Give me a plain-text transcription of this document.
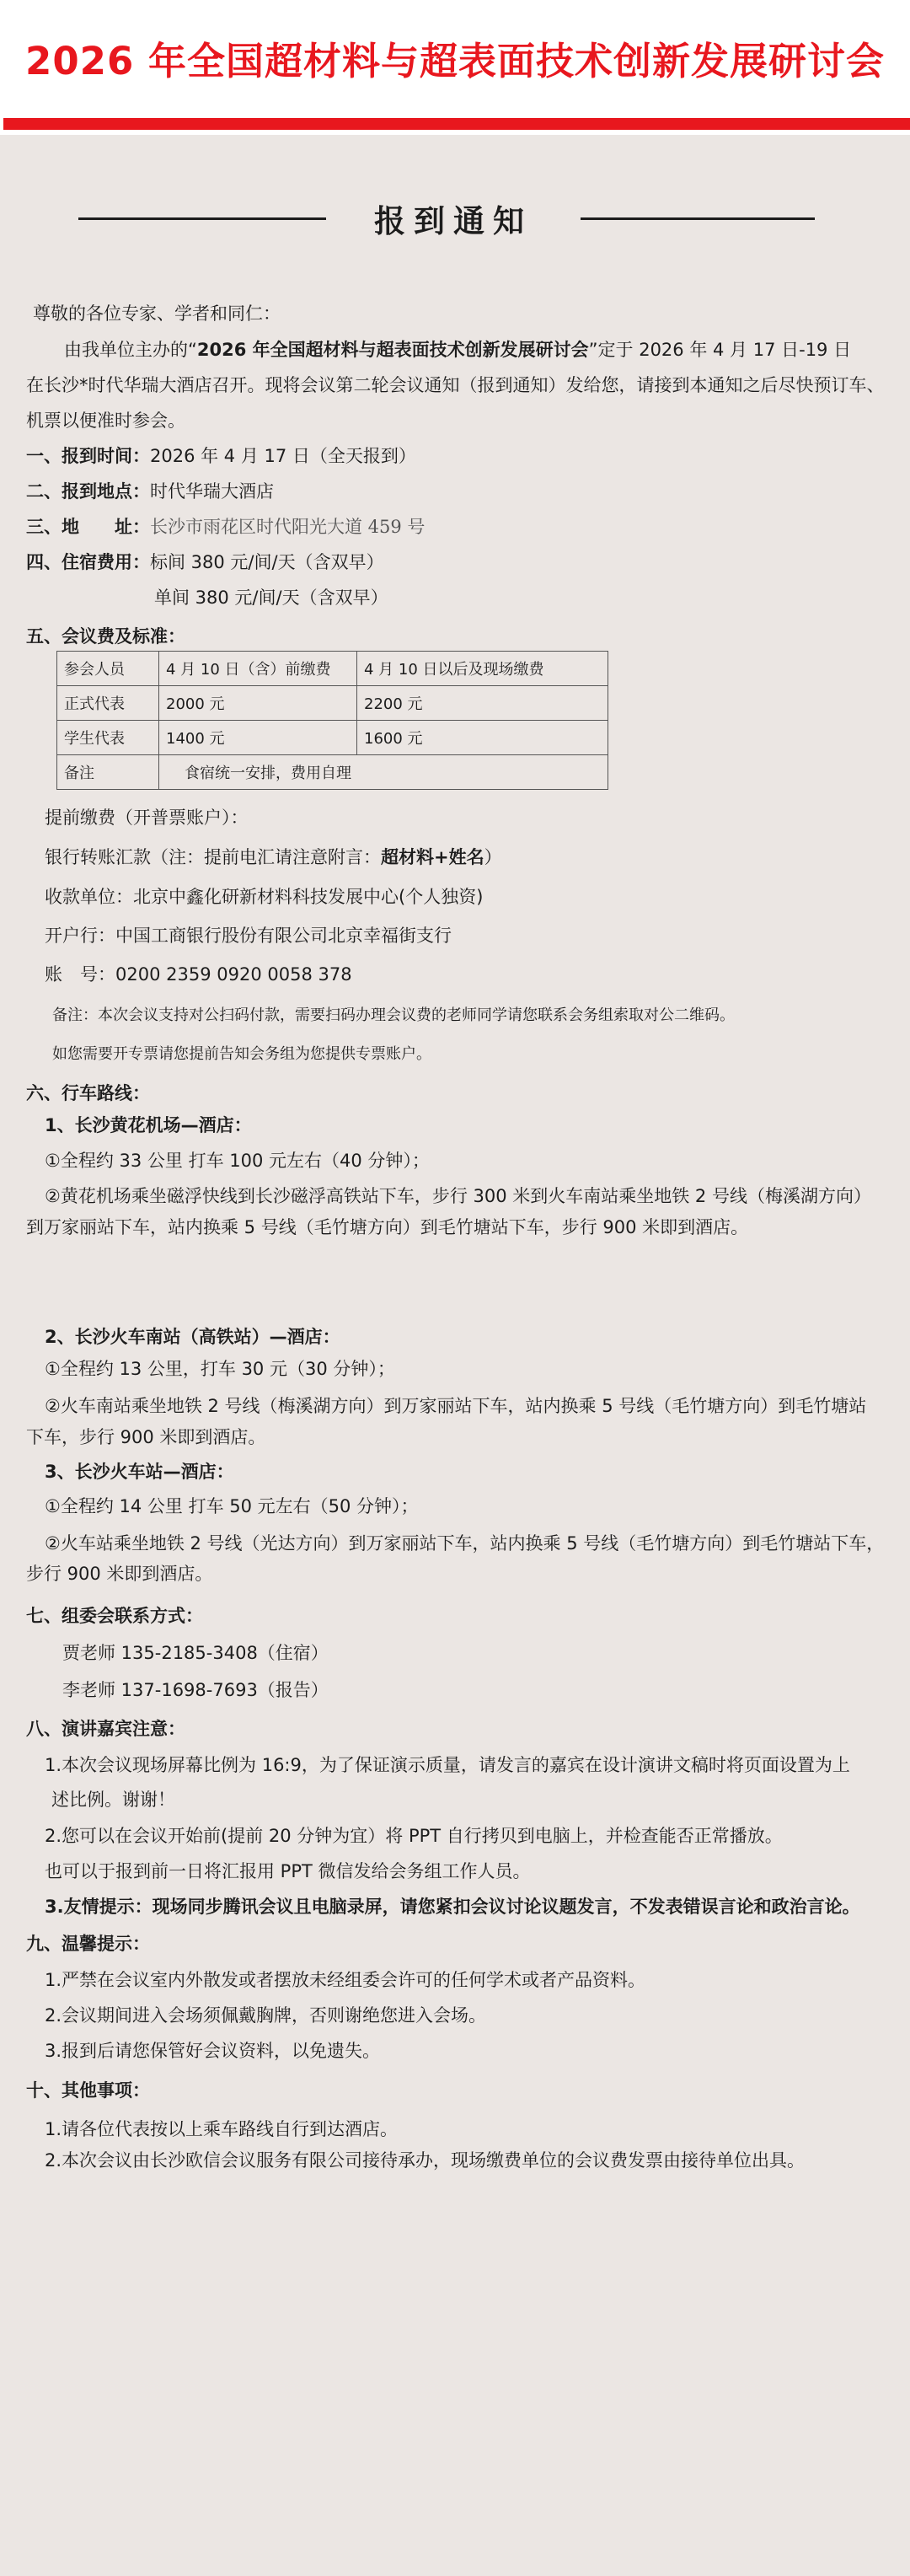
2026 年全国超材料与超表面技术创新发展研讨会
报到通知
尊敬的各位专家、学者和同仁：
由我单位主办的“2026 年全国超材料与超表面技术创新发展研讨会”定于 2026 年 4 月 17 日-19 日
在长沙*时代华瑞大酒店召开。现将会议第二轮会议通知（报到通知）发给您，请接到本通知之后尽快预订车、
机票以便准时参会。
一、报到时间：2026 年 4 月 17 日（全天报到）
二、报到地点：时代华瑞大酒店
三、地　　址：长沙市雨花区时代阳光大道 459 号
四、住宿费用：标间 380 元/间/天（含双早）
单间 380 元/间/天（含双早）
五、会议费及标准：
参会人员	4 月 10 日（含）前缴费	4 月 10 日以后及现场缴费
正式代表	2000 元	2200 元
学生代表	1400 元	1600 元
备注	食宿统一安排，费用自理	
提前缴费（开普票账户）：
银行转账汇款（注：提前电汇请注意附言：超材料+姓名）
收款单位：北京中鑫化研新材料科技发展中心(个人独资)
开户行：中国工商银行股份有限公司北京幸福街支行
账　号：0200 2359 0920 0058 378
备注：本次会议支持对公扫码付款，需要扫码办理会议费的老师同学请您联系会务组索取对公二维码。
如您需要开专票请您提前告知会务组为您提供专票账户。
六、行车路线：
1、长沙黄花机场—酒店：
①全程约 33 公里 打车 100 元左右（40 分钟）；
②黄花机场乘坐磁浮快线到长沙磁浮高铁站下车，步行 300 米到火车南站乘坐地铁 2 号线（梅溪湖方向）
到万家丽站下车，站内换乘 5 号线（毛竹塘方向）到毛竹塘站下车，步行 900 米即到酒店。
2、长沙火车南站（高铁站）—酒店：
①全程约 13 公里，打车 30 元（30 分钟）；
②火车南站乘坐地铁 2 号线（梅溪湖方向）到万家丽站下车，站内换乘 5 号线（毛竹塘方向）到毛竹塘站
下车，步行 900 米即到酒店。
3、长沙火车站—酒店：
①全程约 14 公里 打车 50 元左右（50 分钟）；
②火车站乘坐地铁 2 号线（光达方向）到万家丽站下车，站内换乘 5 号线（毛竹塘方向）到毛竹塘站下车，
步行 900 米即到酒店。
七、组委会联系方式：
贾老师 135-2185-3408（住宿）
李老师 137-1698-7693（报告）
八、演讲嘉宾注意：
1.本次会议现场屏幕比例为 16:9，为了保证演示质量，请发言的嘉宾在设计演讲文稿时将页面设置为上
述比例。谢谢！
2.您可以在会议开始前(提前 20 分钟为宜）将 PPT 自行拷贝到电脑上，并检查能否正常播放。
也可以于报到前一日将汇报用 PPT 微信发给会务组工作人员。
3.友情提示：现场同步腾讯会议且电脑录屏，请您紧扣会议讨论议题发言，不发表错误言论和政治言论。
九、温馨提示：
1.严禁在会议室内外散发或者摆放未经组委会许可的任何学术或者产品资料。
2.会议期间进入会场须佩戴胸牌，否则谢绝您进入会场。
3.报到后请您保管好会议资料，以免遗失。
十、其他事项：
1.请各位代表按以上乘车路线自行到达酒店。
2.本次会议由长沙欧信会议服务有限公司接待承办，现场缴费单位的会议费发票由接待单位出具。
